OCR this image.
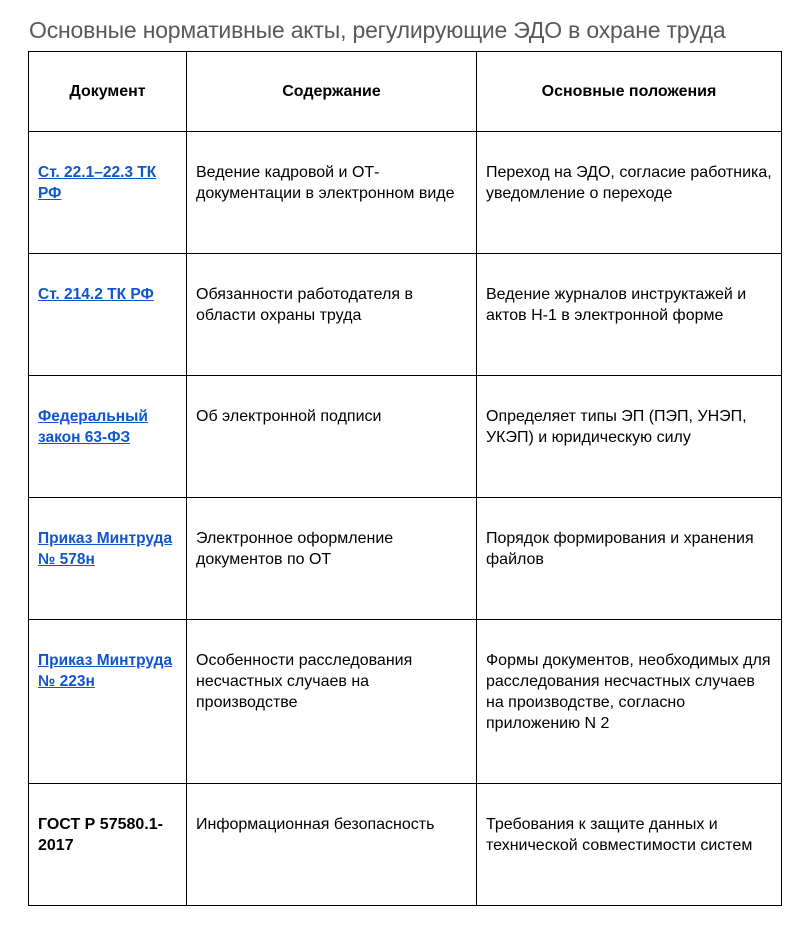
Основные нормативные акты, регулирующие ЭДО в охране труда
Документ	Содержание	Основные положения

Ст. 22.1–22.3 ТК РФ	Ведение кадровой и ОТ-документации в электронном виде	Переход на ЭДО, согласие работника, уведомление о переходе

Ст. 214.2 ТК РФ	Обязанности работодателя в области охраны труда	Ведение журналов инструктажей и актов Н-1 в электронной форме

Федеральный закон 63-ФЗ	Об электронной подписи	Определяет типы ЭП (ПЭП, УНЭП, УКЭП) и юридическую силу

Приказ Минтруда № 578н	Электронное оформление документов по ОТ	Порядок формирования и хранения файлов

Приказ Минтруда № 223н	Особенности расследования несчастных случаев на производстве	Формы документов, необходимых для расследования несчастных случаев на производстве, согласно приложению N 2

ГОСТ Р 57580.1-2017	Информационная безопасность	Требования к защите данных и технической совместимости систем
